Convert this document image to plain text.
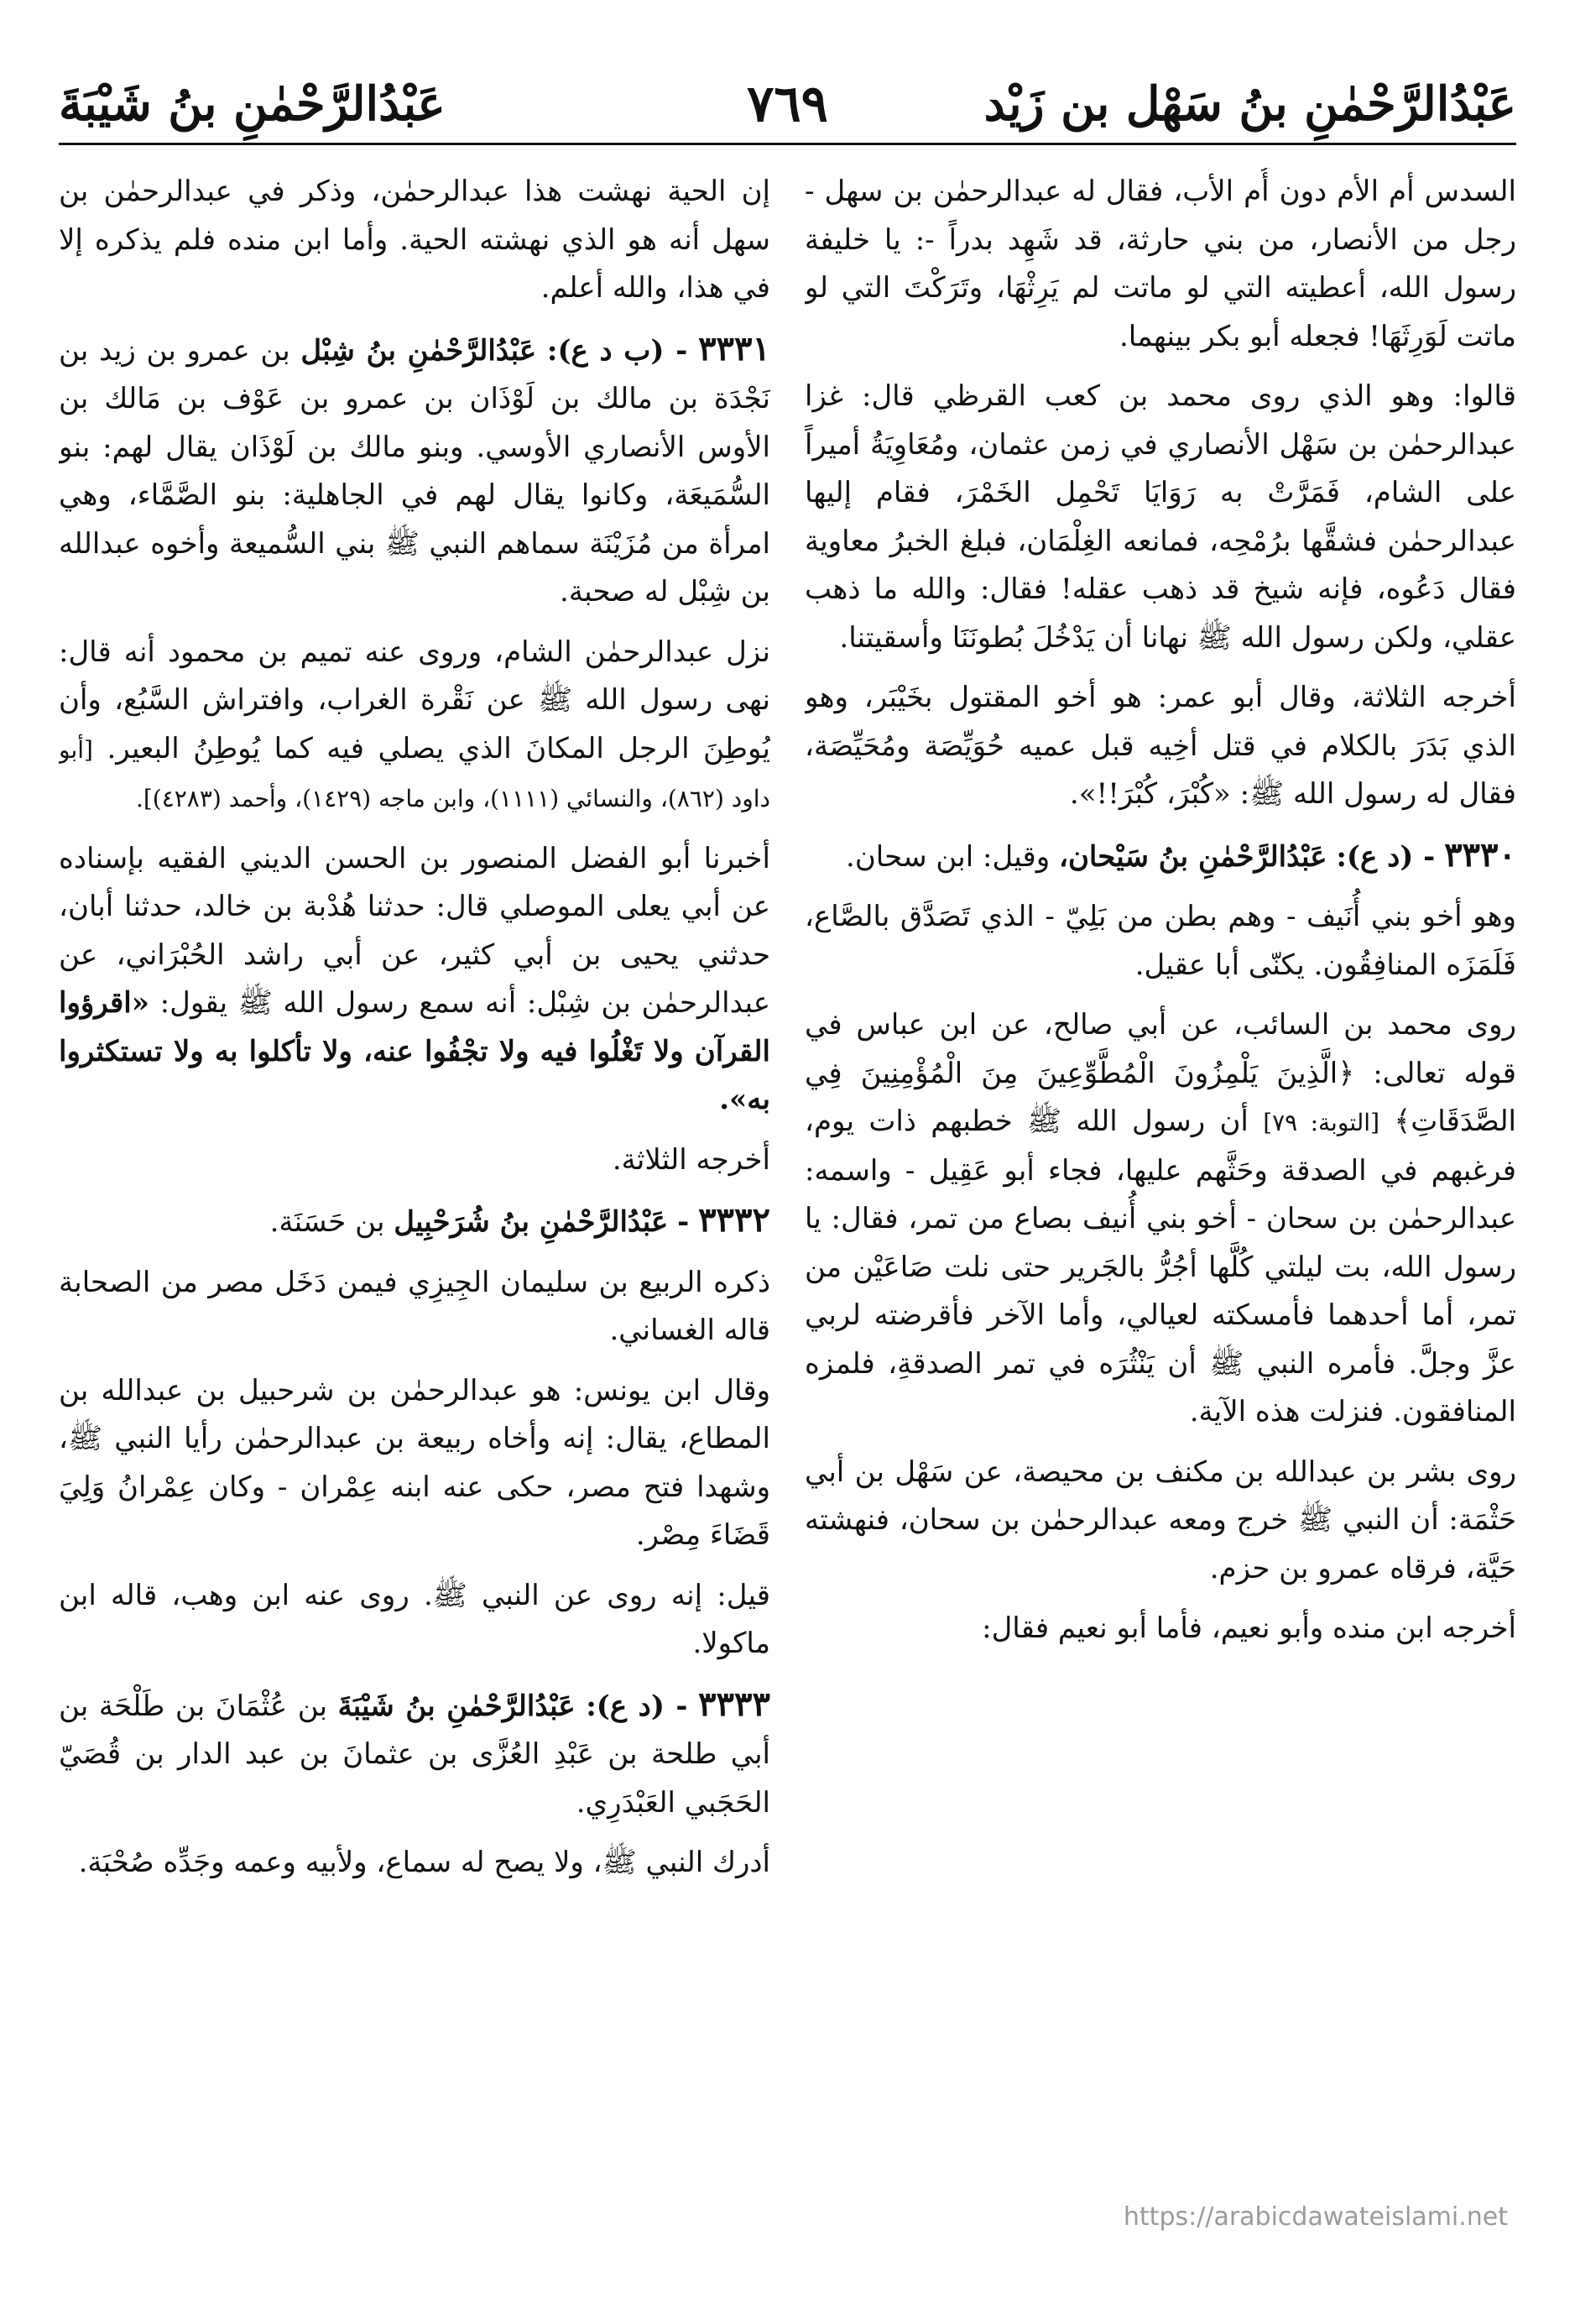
عَبْدُالرَّحْمٰنِ بنُ سَهْل بن زَيْد
٧٦٩
عَبْدُالرَّحْمٰنِ بنُ شَيْبَةَ

السدس أم الأم دون أُم الأب، فقال له عبدالرحمٰن بن سهل - رجل من الأنصار، من بني حارثة، قد شَهِد بدراً -: يا خليفة رسول الله، أعطيته التي لو ماتت لم يَرِثْهَا، وتَرَكْتَ التي لو ماتت لَوَرِثَهَا! فجعله أبو بكر بينهما.

قالوا: وهو الذي روى محمد بن كعب القرظي قال: غزا عبدالرحمٰن بن سَهْل الأنصاري في زمن عثمان، ومُعَاوِيَةُ أميراً على الشام، فَمَرَّتْ به رَوَايَا تَحْمِل الخَمْرَ، فقام إليها عبدالرحمٰن فشقَّها برُمْحِه، فمانعه الغِلْمَان، فبلغ الخبرُ معاوية فقال دَعُوه، فإنه شيخ قد ذهب عقله! فقال: والله ما ذهب عقلي، ولكن رسول الله ﷺ نهانا أن يَدْخُلَ بُطونَنَا وأسقيتنا.

أخرجه الثلاثة، وقال أبو عمر: هو أخو المقتول بخَيْبَر، وهو الذي بَدَرَ بالكلام في قتل أخِيه قبل عميه حُوَيِّصَة ومُحَيِّصَة، فقال له رسول الله ﷺ: «كُبْرَ، كُبْرَ!!».

٣٣٣٠ - (د ع): عَبْدُالرَّحْمٰنِ بنُ سَيْحان، وقيل: ابن سحان.

وهو أخو بني أُنَيف - وهم بطن من بَلِيّ - الذي تَصَدَّق بالصَّاع، فَلَمَزَه المنافِقُون. يكنّى أبا عقيل.

روى محمد بن السائب، عن أبي صالح، عن ابن عباس في قوله تعالى: ﴿الَّذِينَ يَلْمِزُونَ الْمُطَّوِّعِينَ مِنَ الْمُؤْمِنِينَ فِي الصَّدَقَاتِ﴾ [التوبة: ٧٩] أن رسول الله ﷺ خطبهم ذات يوم، فرغبهم في الصدقة وحَثَّهم عليها، فجاء أبو عَقِيل - واسمه: عبدالرحمٰن بن سحان - أخو بني أُنيف بصاع من تمر، فقال: يا رسول الله، بت ليلتي كُلَّها أجُرُّ بالجَرير حتى نلت صَاعَيْن من تمر، أما أحدهما فأمسكته لعيالي، وأما الآخر فأقرضته لربي عزَّ وجلَّ. فأمره النبي ﷺ أن يَنْثُرَه في تمر الصدقةِ، فلمزه المنافقون. فنزلت هذه الآية.

روى بشر بن عبدالله بن مكنف بن محيصة، عن سَهْل بن أبي حَثْمَة: أن النبي ﷺ خرج ومعه عبدالرحمٰن بن سحان، فنهشته حَيَّة، فرقاه عمرو بن حزم.

أخرجه ابن منده وأبو نعيم، فأما أبو نعيم فقال:

إن الحية نهشت هذا عبدالرحمٰن، وذكر في عبدالرحمٰن بن سهل أنه هو الذي نهشته الحية. وأما ابن منده فلم يذكره إلا في هذا، والله أعلم.

٣٣٣١ - (ب د ع): عَبْدُالرَّحْمٰنِ بنُ شِبْل بن عمرو بن زيد بن نَجْدَة بن مالك بن لَوْذَان بن عمرو بن عَوْف بن مَالك بن الأوس الأنصاري الأوسي. وبنو مالك بن لَوْذَان يقال لهم: بنو السُّمَيعَة، وكانوا يقال لهم في الجاهلية: بنو الصَّمَّاء، وهي امرأة من مُزَيْنَة سماهم النبي ﷺ بني السُّميعة وأخوه عبدالله بن شِبْل له صحبة.

نزل عبدالرحمٰن الشام، وروى عنه تميم بن محمود أنه قال: نهى رسول الله ﷺ عن نَقْرة الغراب، وافتراش السَّبُع، وأن يُوطِنَ الرجل المكانَ الذي يصلي فيه كما يُوطِنُ البعير. [أبو داود (٨٦٢)، والنسائي (١١١١)، وابن ماجه (١٤٢٩)، وأحمد (٤٢٨٣)].

أخبرنا أبو الفضل المنصور بن الحسن الديني الفقيه بإسناده عن أبي يعلى الموصلي قال: حدثنا هُدْبة بن خالد، حدثنا أبان، حدثني يحيى بن أبي كثير، عن أبي راشد الحُبْرَاني، عن عبدالرحمٰن بن شِبْل: أنه سمع رسول الله ﷺ يقول: «اقرؤوا القرآن ولا تَغْلُوا فيه ولا تجْفُوا عنه، ولا تأكلوا به ولا تستكثروا به».

أخرجه الثلاثة.

٣٣٣٢ - عَبْدُالرَّحْمٰنِ بنُ شُرَحْبِيل بن حَسَنَة.

ذكره الربيع بن سليمان الجِيزِي فيمن دَخَل مصر من الصحابة قاله الغساني.

وقال ابن يونس: هو عبدالرحمٰن بن شرحبيل بن عبدالله بن المطاع، يقال: إنه وأخاه ربيعة بن عبدالرحمٰن رأيا النبي ﷺ، وشهدا فتح مصر، حكى عنه ابنه عِمْران - وكان عِمْرانُ وَلِيَ قَضَاءَ مِصْر.

قيل: إنه روى عن النبي ﷺ. روى عنه ابن وهب، قاله ابن ماكولا.

٣٣٣٣ - (د ع): عَبْدُالرَّحْمٰنِ بنُ شَيْبَةَ بن عُثْمَانَ بن طَلْحَة بن أبي طلحة بن عَبْدِ العُزَّى بن عثمانَ بن عبد الدار بن قُصَيّ الحَجَبي العَبْدَرِي.

أدرك النبي ﷺ، ولا يصح له سماع، ولأبيه وعمه وجَدِّه صُحْبَة.

https://arabicdawateislami.net
